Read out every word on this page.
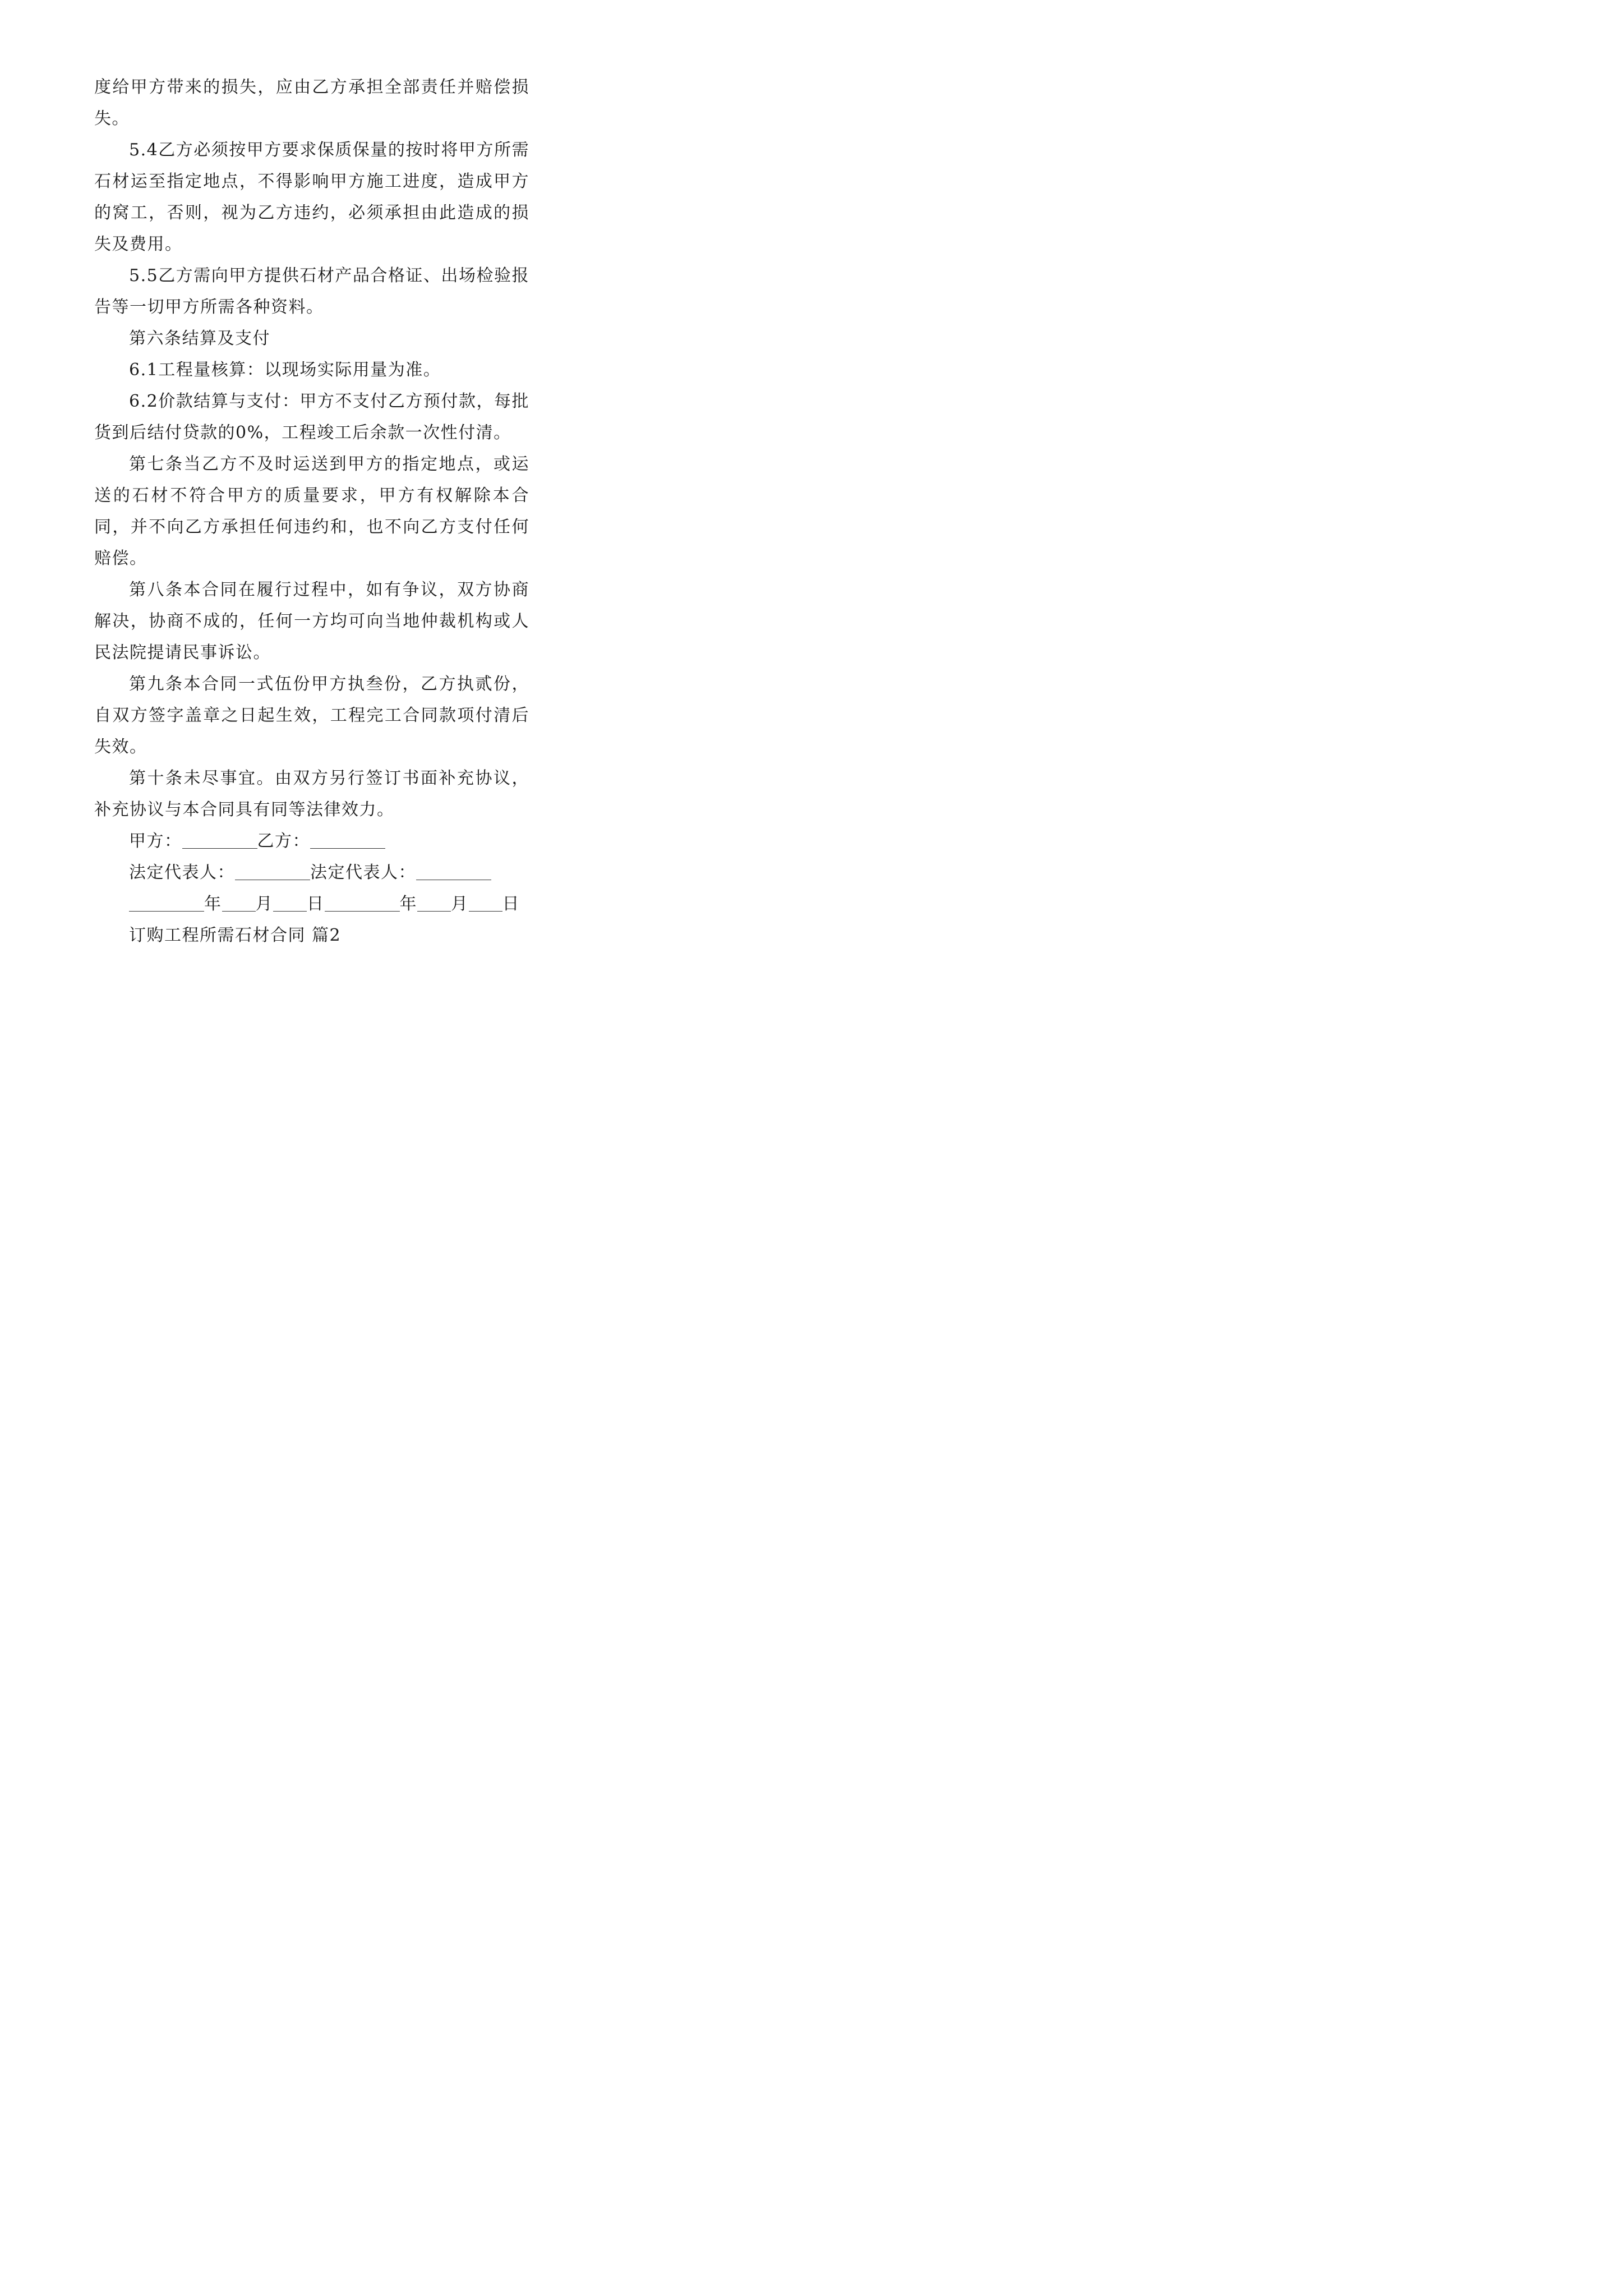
度给甲方带来的损失，应由乙方承担全部责任并赔偿损失。

5.4乙方必须按甲方要求保质保量的按时将甲方所需石材运至指定地点，不得影响甲方施工进度，造成甲方的窝工，否则，视为乙方违约，必须承担由此造成的损失及费用。

5.5乙方需向甲方提供石材产品合格证、出场检验报告等一切甲方所需各种资料。

第六条结算及支付

6.1工程量核算：以现场实际用量为准。

6.2价款结算与支付：甲方不支付乙方预付款，每批货到后结付贷款的0%，工程竣工后余款一次性付清。

第七条当乙方不及时运送到甲方的指定地点，或运送的石材不符合甲方的质量要求，甲方有权解除本合同，并不向乙方承担任何违约和，也不向乙方支付任何赔偿。

第八条本合同在履行过程中，如有争议，双方协商解决，协商不成的，任何一方均可向当地仲裁机构或人民法院提请民事诉讼。

第九条本合同一式伍份甲方执叁份，乙方执贰份，自双方签字盖章之日起生效，工程完工合同款项付清后失效。

第十条未尽事宜。由双方另行签订书面补充协议，补充协议与本合同具有同等法律效力。

甲方：	乙方：
法定代表人：	法定代表人：
年 月 日	年 月 日

订购工程所需石材合同 篇2
